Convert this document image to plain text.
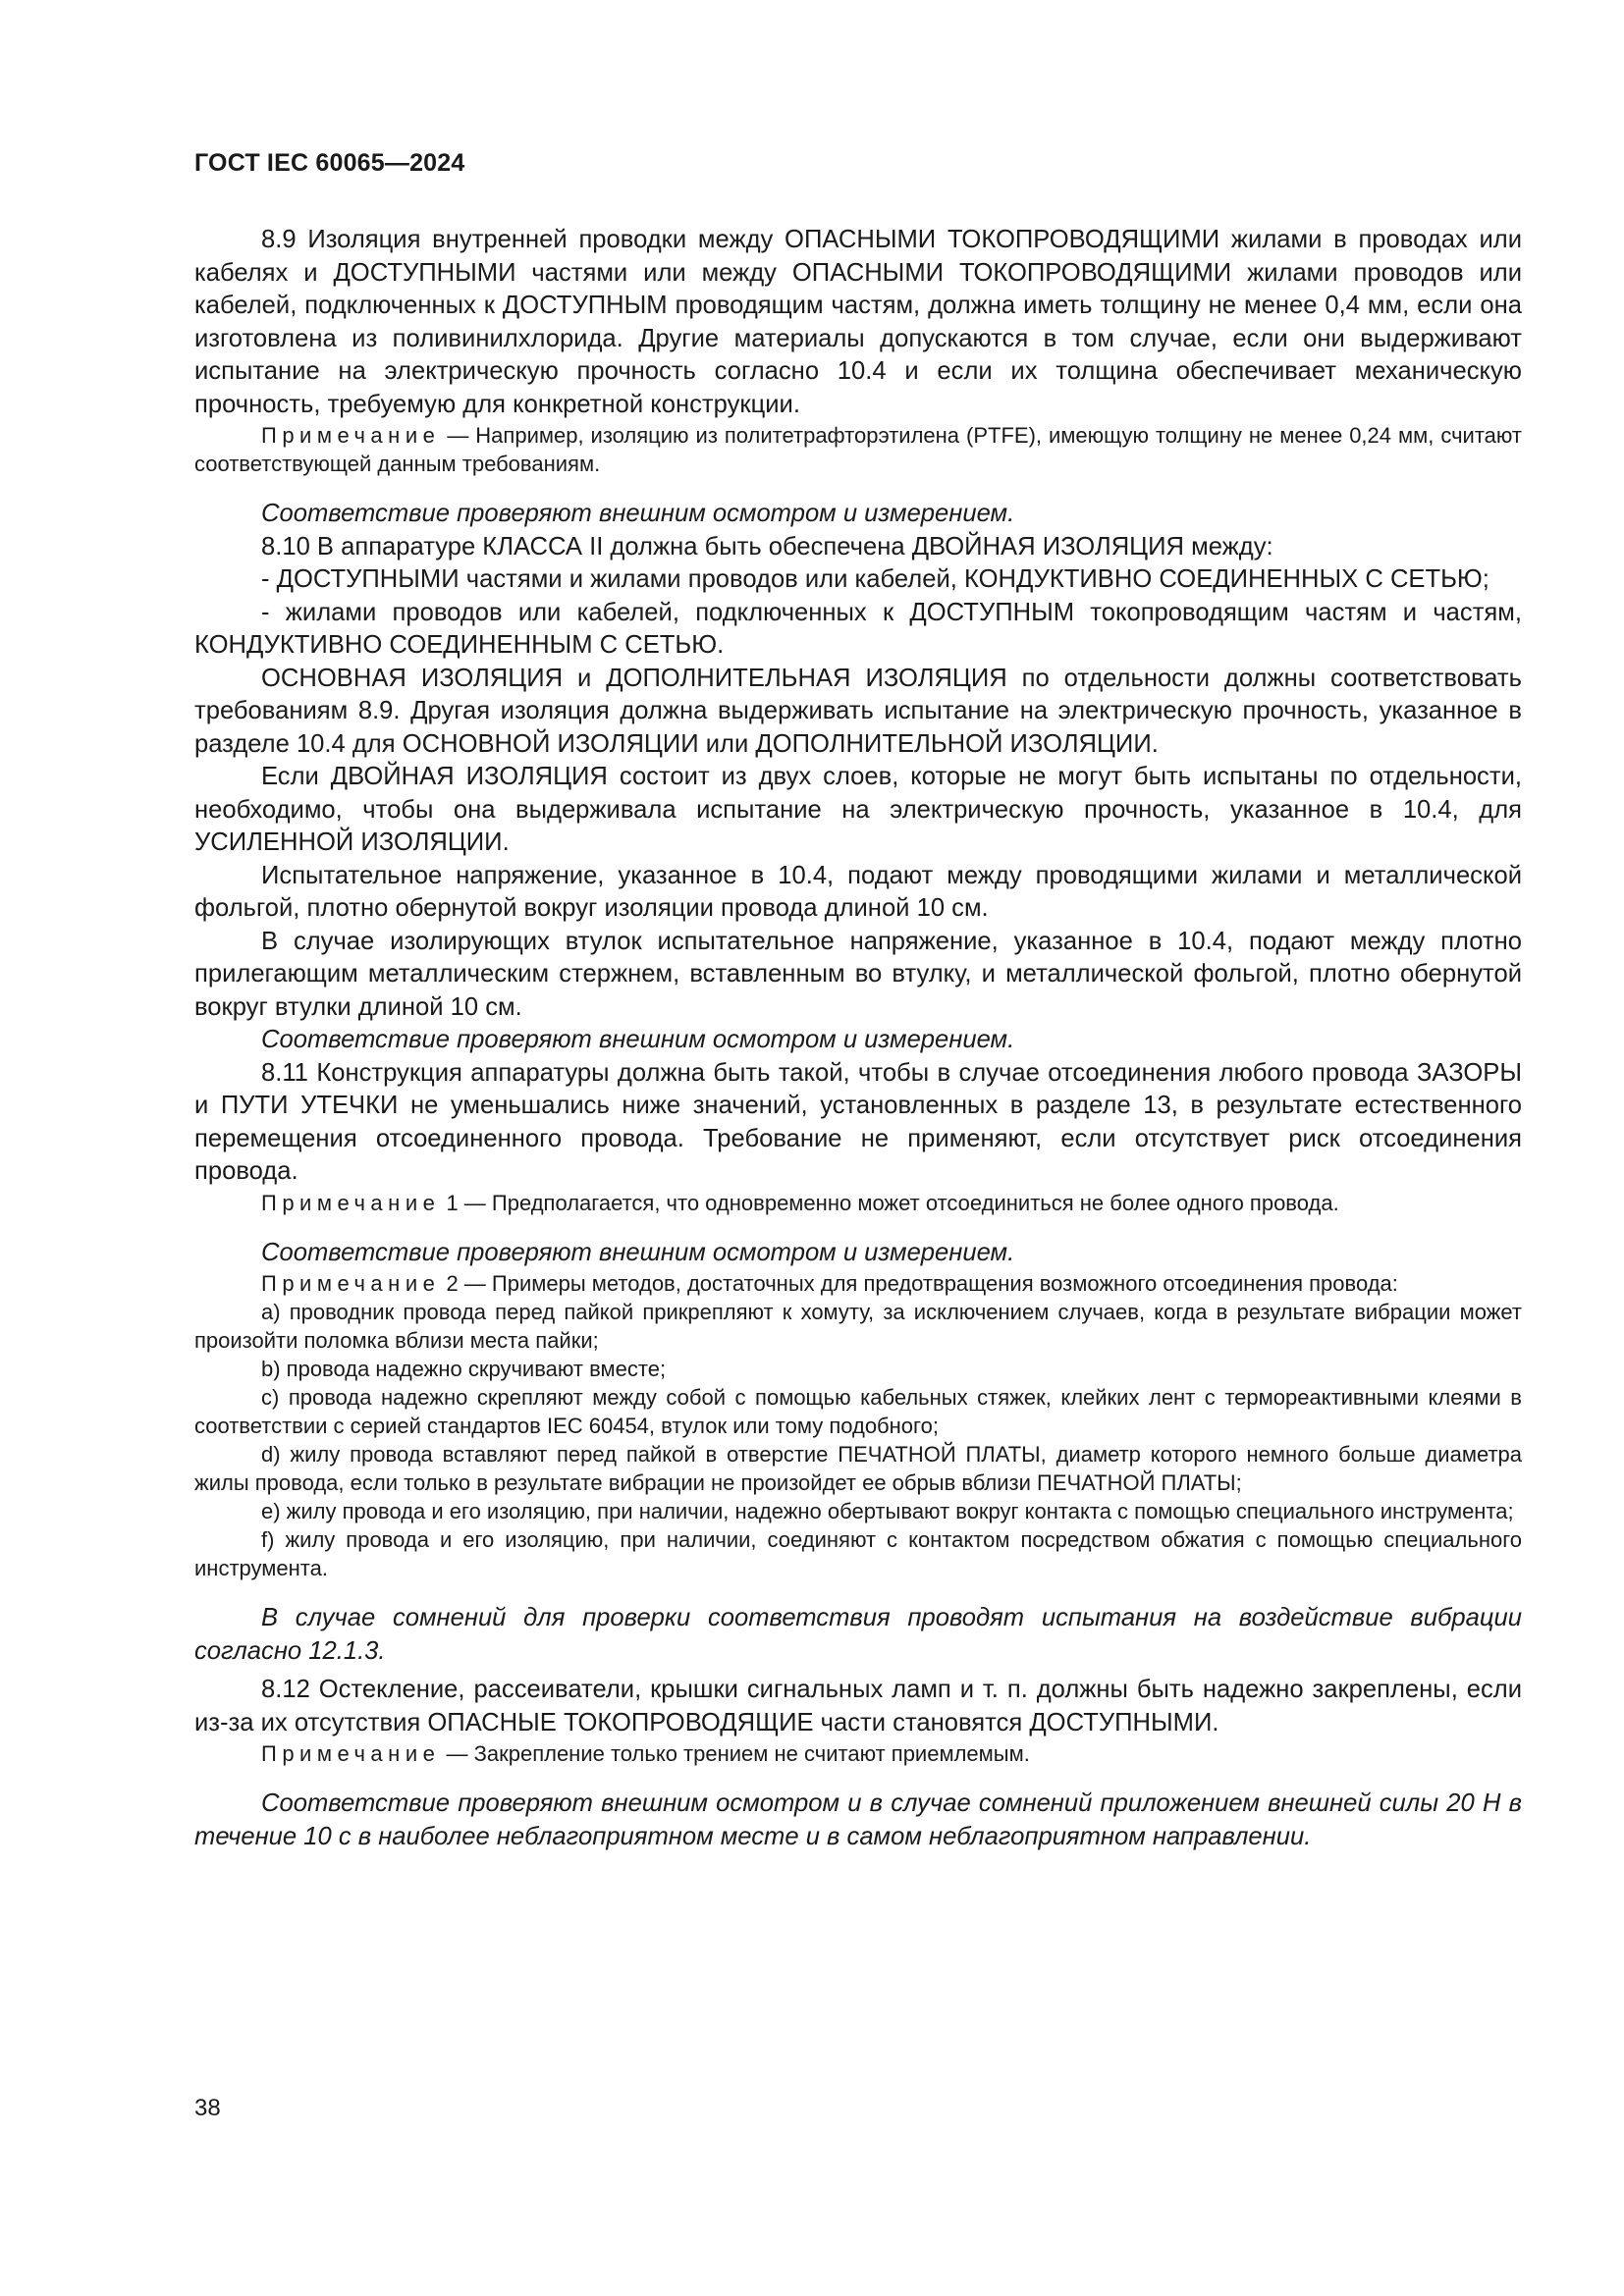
ГОСТ IEC 60065—2024

8.9 Изоляция внутренней проводки между ОПАСНЫМИ ТОКОПРОВОДЯЩИМИ жилами в проводах или кабелях и ДОСТУПНЫМИ частями или между ОПАСНЫМИ ТОКОПРОВОДЯЩИМИ жилами проводов или кабелей, подключенных к ДОСТУПНЫМ проводящим частям, должна иметь толщину не менее 0,4 мм, если она изготовлена из поливинилхлорида. Другие материалы допускаются в том случае, если они выдерживают испытание на электрическую прочность согласно 10.4 и если их толщина обеспечивает механическую прочность, требуемую для конкретной конструкции.

Примечание — Например, изоляцию из политетрафторэтилена (PTFE), имеющую толщину не менее 0,24 мм, считают соответствующей данным требованиям.

Соответствие проверяют внешним осмотром и измерением.

8.10 В аппаратуре КЛАССА II должна быть обеспечена ДВОЙНАЯ ИЗОЛЯЦИЯ между:

- ДОСТУПНЫМИ частями и жилами проводов или кабелей, КОНДУКТИВНО СОЕДИНЕННЫХ С СЕТЬЮ;

- жилами проводов или кабелей, подключенных к ДОСТУПНЫМ токопроводящим частям и частям, КОНДУКТИВНО СОЕДИНЕННЫМ С СЕТЬЮ.

ОСНОВНАЯ ИЗОЛЯЦИЯ и ДОПОЛНИТЕЛЬНАЯ ИЗОЛЯЦИЯ по отдельности должны соответствовать требованиям 8.9. Другая изоляция должна выдерживать испытание на электрическую прочность, указанное в разделе 10.4 для ОСНОВНОЙ ИЗОЛЯЦИИ или ДОПОЛНИТЕЛЬНОЙ ИЗОЛЯЦИИ.

Если ДВОЙНАЯ ИЗОЛЯЦИЯ состоит из двух слоев, которые не могут быть испытаны по отдельности, необходимо, чтобы она выдерживала испытание на электрическую прочность, указанное в 10.4, для УСИЛЕННОЙ ИЗОЛЯЦИИ.

Испытательное напряжение, указанное в 10.4, подают между проводящими жилами и металлической фольгой, плотно обернутой вокруг изоляции провода длиной 10 см.

В случае изолирующих втулок испытательное напряжение, указанное в 10.4, подают между плотно прилегающим металлическим стержнем, вставленным во втулку, и металлической фольгой, плотно обернутой вокруг втулки длиной 10 см.

Соответствие проверяют внешним осмотром и измерением.

8.11 Конструкция аппаратуры должна быть такой, чтобы в случае отсоединения любого провода ЗАЗОРЫ и ПУТИ УТЕЧКИ не уменьшались ниже значений, установленных в разделе 13, в результате естественного перемещения отсоединенного провода. Требование не применяют, если отсутствует риск отсоединения провода.

Примечание 1 — Предполагается, что одновременно может отсоединиться не более одного провода.

Соответствие проверяют внешним осмотром и измерением.

Примечание 2 — Примеры методов, достаточных для предотвращения возможного отсоединения провода:

a) проводник провода перед пайкой прикрепляют к хомуту, за исключением случаев, когда в результате вибрации может произойти поломка вблизи места пайки;

b) провода надежно скручивают вместе;

c) провода надежно скрепляют между собой с помощью кабельных стяжек, клейких лент с термореактивными клеями в соответствии с серией стандартов IEC 60454, втулок или тому подобного;

d) жилу провода вставляют перед пайкой в отверстие ПЕЧАТНОЙ ПЛАТЫ, диаметр которого немного больше диаметра жилы провода, если только в результате вибрации не произойдет ее обрыв вблизи ПЕЧАТНОЙ ПЛАТЫ;

e) жилу провода и его изоляцию, при наличии, надежно обертывают вокруг контакта с помощью специального инструмента;

f) жилу провода и его изоляцию, при наличии, соединяют с контактом посредством обжатия с помощью специального инструмента.

В случае сомнений для проверки соответствия проводят испытания на воздействие вибрации согласно 12.1.3.

8.12 Остекление, рассеиватели, крышки сигнальных ламп и т. п. должны быть надежно закреплены, если из-за их отсутствия ОПАСНЫЕ ТОКОПРОВОДЯЩИЕ части становятся ДОСТУПНЫМИ.

Примечание — Закрепление только трением не считают приемлемым.

Соответствие проверяют внешним осмотром и в случае сомнений приложением внешней силы 20 Н в течение 10 с в наиболее неблагоприятном месте и в самом неблагоприятном направлении.

38
